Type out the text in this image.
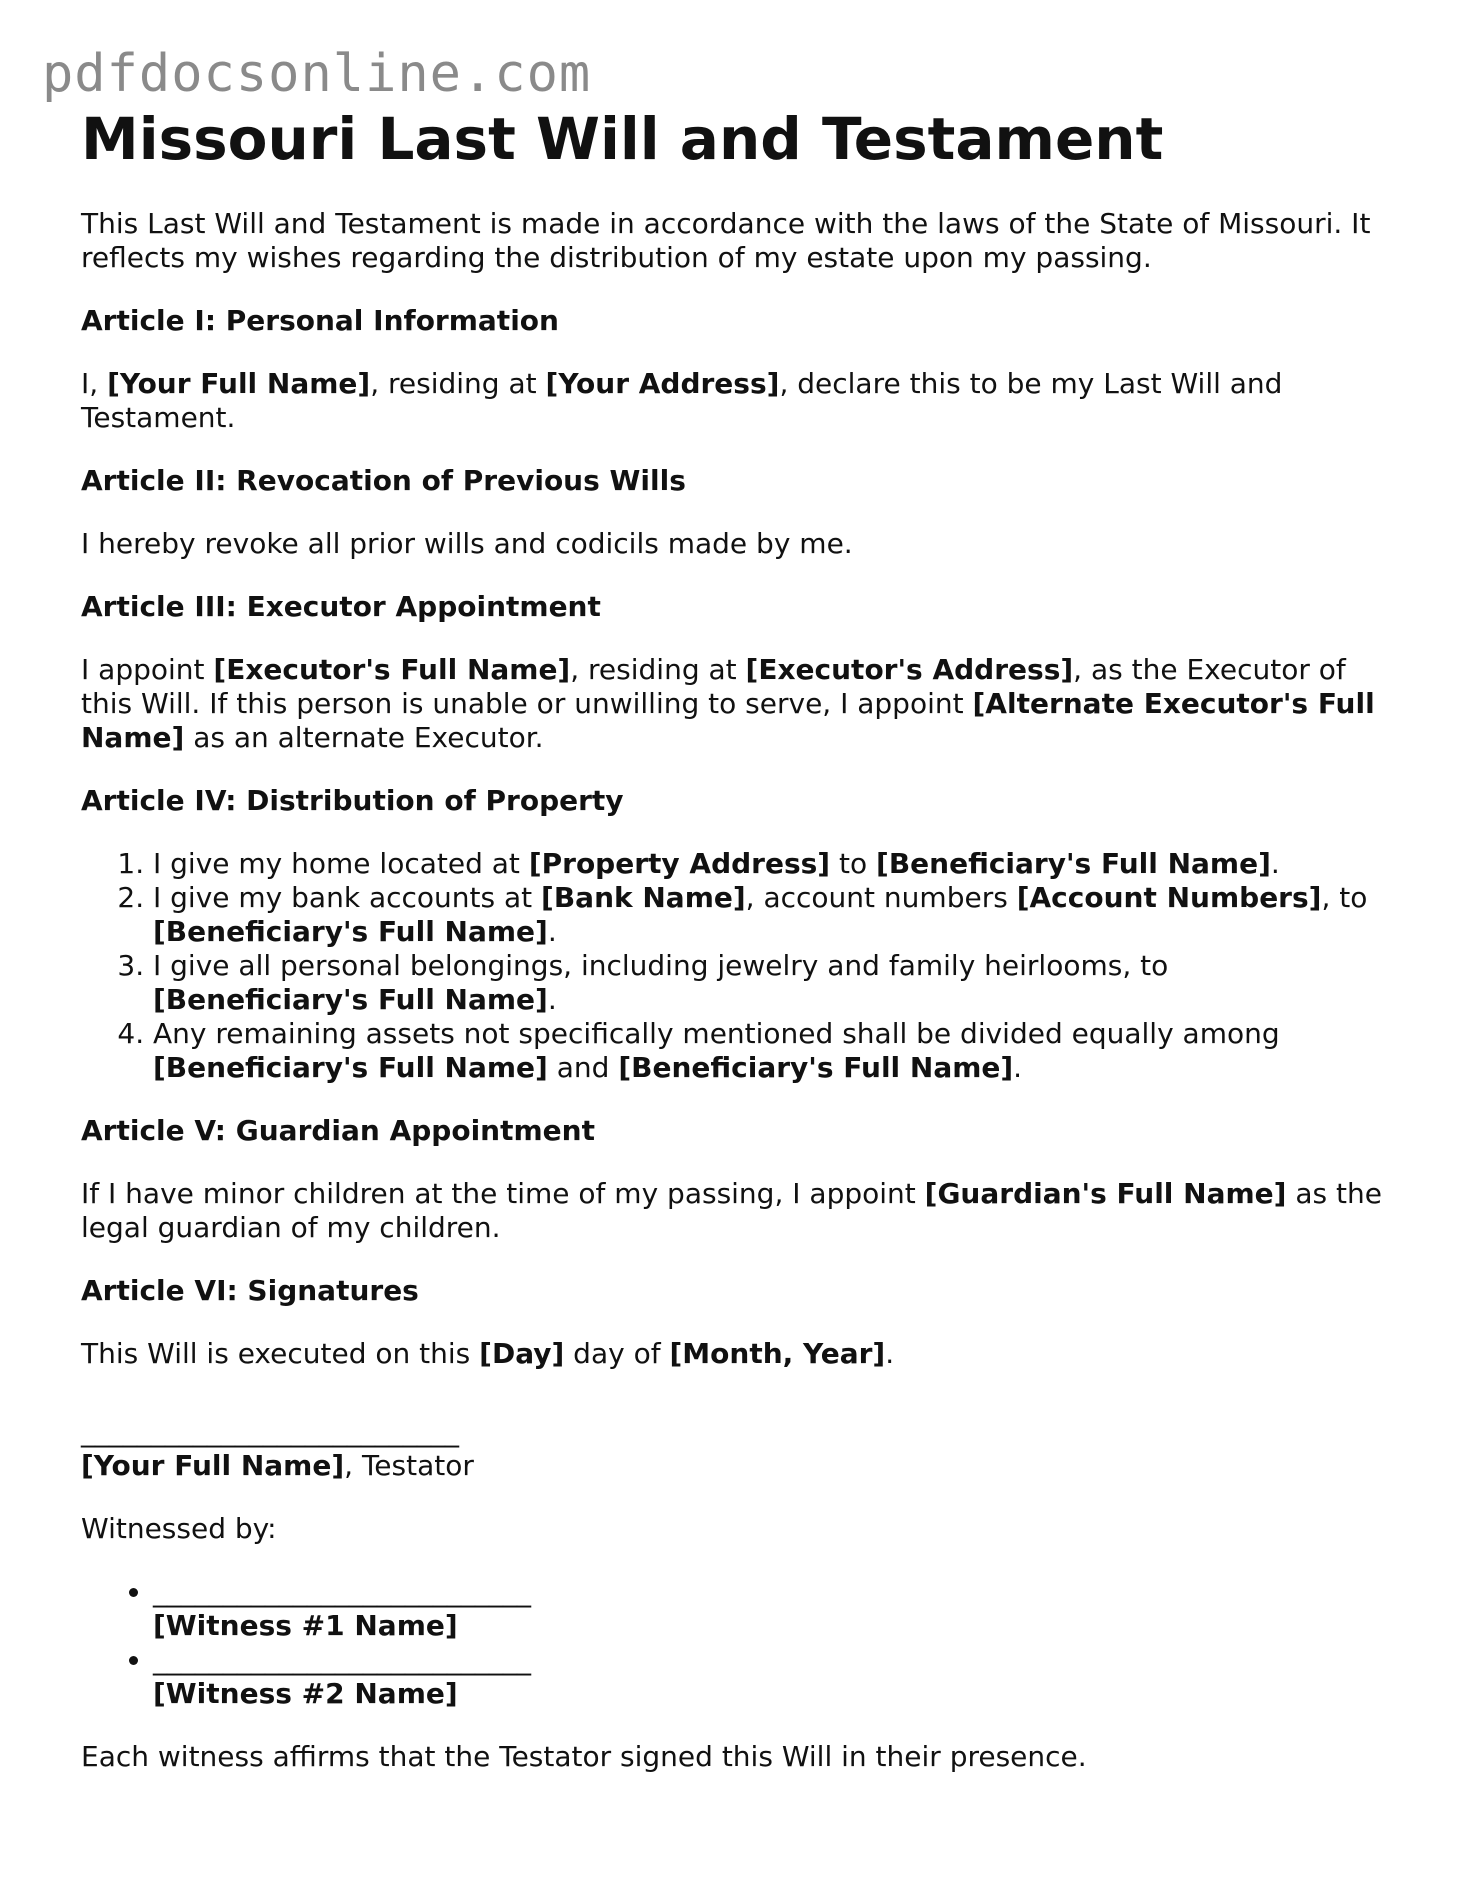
pdfdocsonline.com
Missouri Last Will and Testament

This Last Will and Testament is made in accordance with the laws of the State of Missouri. It reflects my wishes regarding the distribution of my estate upon my passing.

Article I: Personal Information

I, [Your Full Name], residing at [Your Address], declare this to be my Last Will and Testament.

Article II: Revocation of Previous Wills

I hereby revoke all prior wills and codicils made by me.

Article III: Executor Appointment

I appoint [Executor's Full Name], residing at [Executor's Address], as the Executor of this Will. If this person is unable or unwilling to serve, I appoint [Alternate Executor's Full Name] as an alternate Executor.

Article IV: Distribution of Property
1. I give my home located at [Property Address] to [Beneficiary's Full Name].
2. I give my bank accounts at [Bank Name], account numbers [Account Numbers], to [Beneficiary's Full Name].
3. I give all personal belongings, including jewelry and family heirlooms, to [Beneficiary's Full Name].
4. Any remaining assets not specifically mentioned shall be divided equally among [Beneficiary's Full Name] and [Beneficiary's Full Name].
Article V: Guardian Appointment

If I have minor children at the time of my passing, I appoint [Guardian's Full Name] as the legal guardian of my children.

Article VI: Signatures

This Will is executed on this [Day] day of [Month, Year].

___________________________
[Your Full Name], Testator

Witnessed by:

• ___________________________
[Witness #1 Name]
• ___________________________
[Witness #2 Name]

Each witness affirms that the Testator signed this Will in their presence.
